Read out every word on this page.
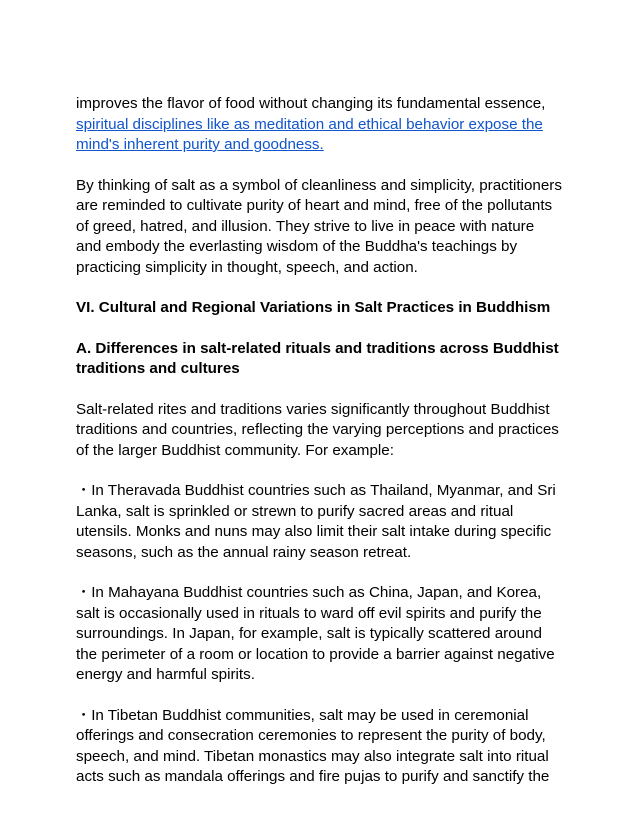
improves the flavor of food without changing its fundamental essence, spiritual disciplines like as meditation and ethical behavior expose the mind's inherent purity and goodness.

By thinking of salt as a symbol of cleanliness and simplicity, practitioners are reminded to cultivate purity of heart and mind, free of the pollutants of greed, hatred, and illusion. They strive to live in peace with nature and embody the everlasting wisdom of the Buddha's teachings by practicing simplicity in thought, speech, and action.

VI. Cultural and Regional Variations in Salt Practices in Buddhism
A. Differences in salt-related rituals and traditions across Buddhist traditions and cultures

Salt-related rites and traditions varies significantly throughout Buddhist traditions and countries, reflecting the varying perceptions and practices of the larger Buddhist community. For example:

・In Theravada Buddhist countries such as Thailand, Myanmar, and Sri Lanka, salt is sprinkled or strewn to purify sacred areas and ritual utensils. Monks and nuns may also limit their salt intake during specific seasons, such as the annual rainy season retreat.

・In Mahayana Buddhist countries such as China, Japan, and Korea, salt is occasionally used in rituals to ward off evil spirits and purify the surroundings. In Japan, for example, salt is typically scattered around the perimeter of a room or location to provide a barrier against negative energy and harmful spirits.

・In Tibetan Buddhist communities, salt may be used in ceremonial offerings and consecration ceremonies to represent the purity of body, speech, and mind. Tibetan monastics may also integrate salt into ritual acts such as mandala offerings and fire pujas to purify and sanctify the
